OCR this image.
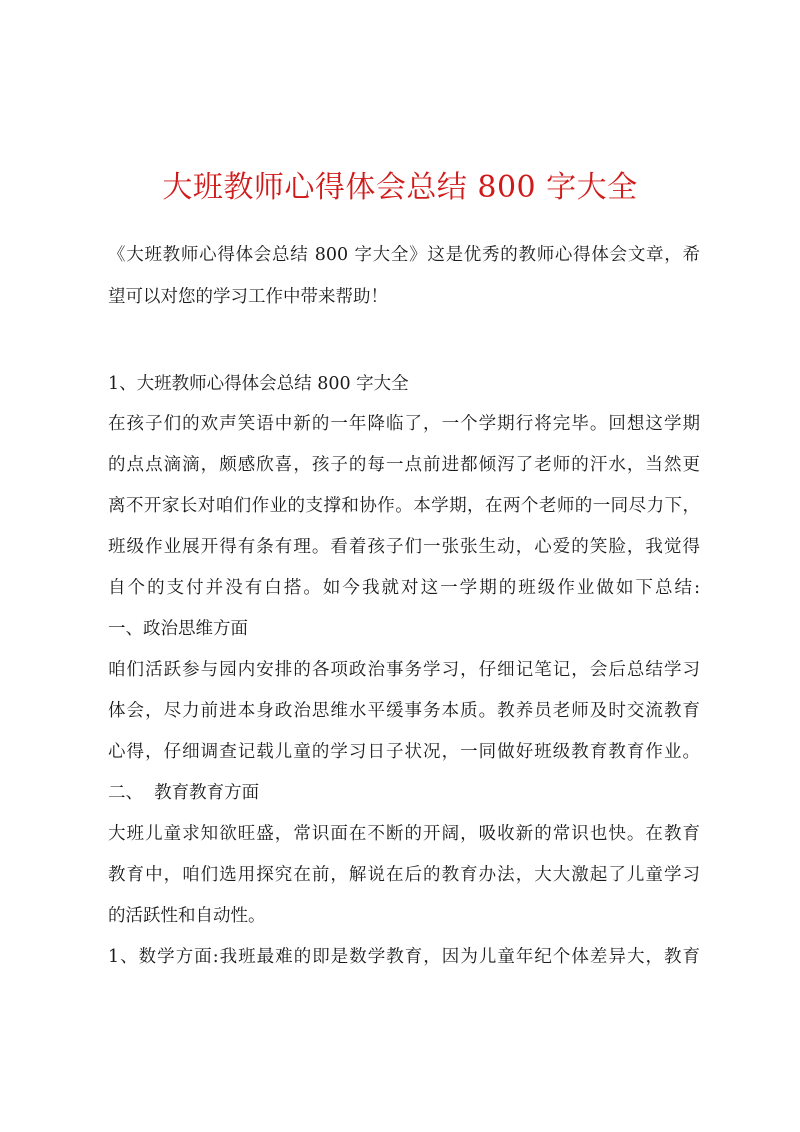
大班教师心得体会总结 800 字大全

《大班教师心得体会总结 800 字大全》这是优秀的教师心得体会文章，希

望可以对您的学习工作中带来帮助！

1、大班教师心得体会总结 800 字大全

在孩子们的欢声笑语中新的一年降临了，一个学期行将完毕。回想这学期

的点点滴滴，颇感欣喜，孩子的每一点前进都倾泻了老师的汗水，当然更

离不开家长对咱们作业的支撑和协作。本学期，在两个老师的一同尽力下，

班级作业展开得有条有理。看着孩子们一张张生动，心爱的笑脸，我觉得

自个的支付并没有白搭。如今我就对这一学期的班级作业做如下总结:

一、政治思维方面

咱们活跃参与园内安排的各项政治事务学习，仔细记笔记，会后总结学习

体会，尽力前进本身政治思维水平缓事务本质。教养员老师及时交流教育

心得，仔细调查记载儿童的学习日子状况，一同做好班级教育教育作业。

二、  教育教育方面

大班儿童求知欲旺盛，常识面在不断的开阔，吸收新的常识也快。在教育

教育中，咱们选用探究在前，解说在后的教育办法，大大激起了儿童学习

的活跃性和自动性。

1、数学方面:我班最难的即是数学教育，因为儿童年纪个体差异大，教育
